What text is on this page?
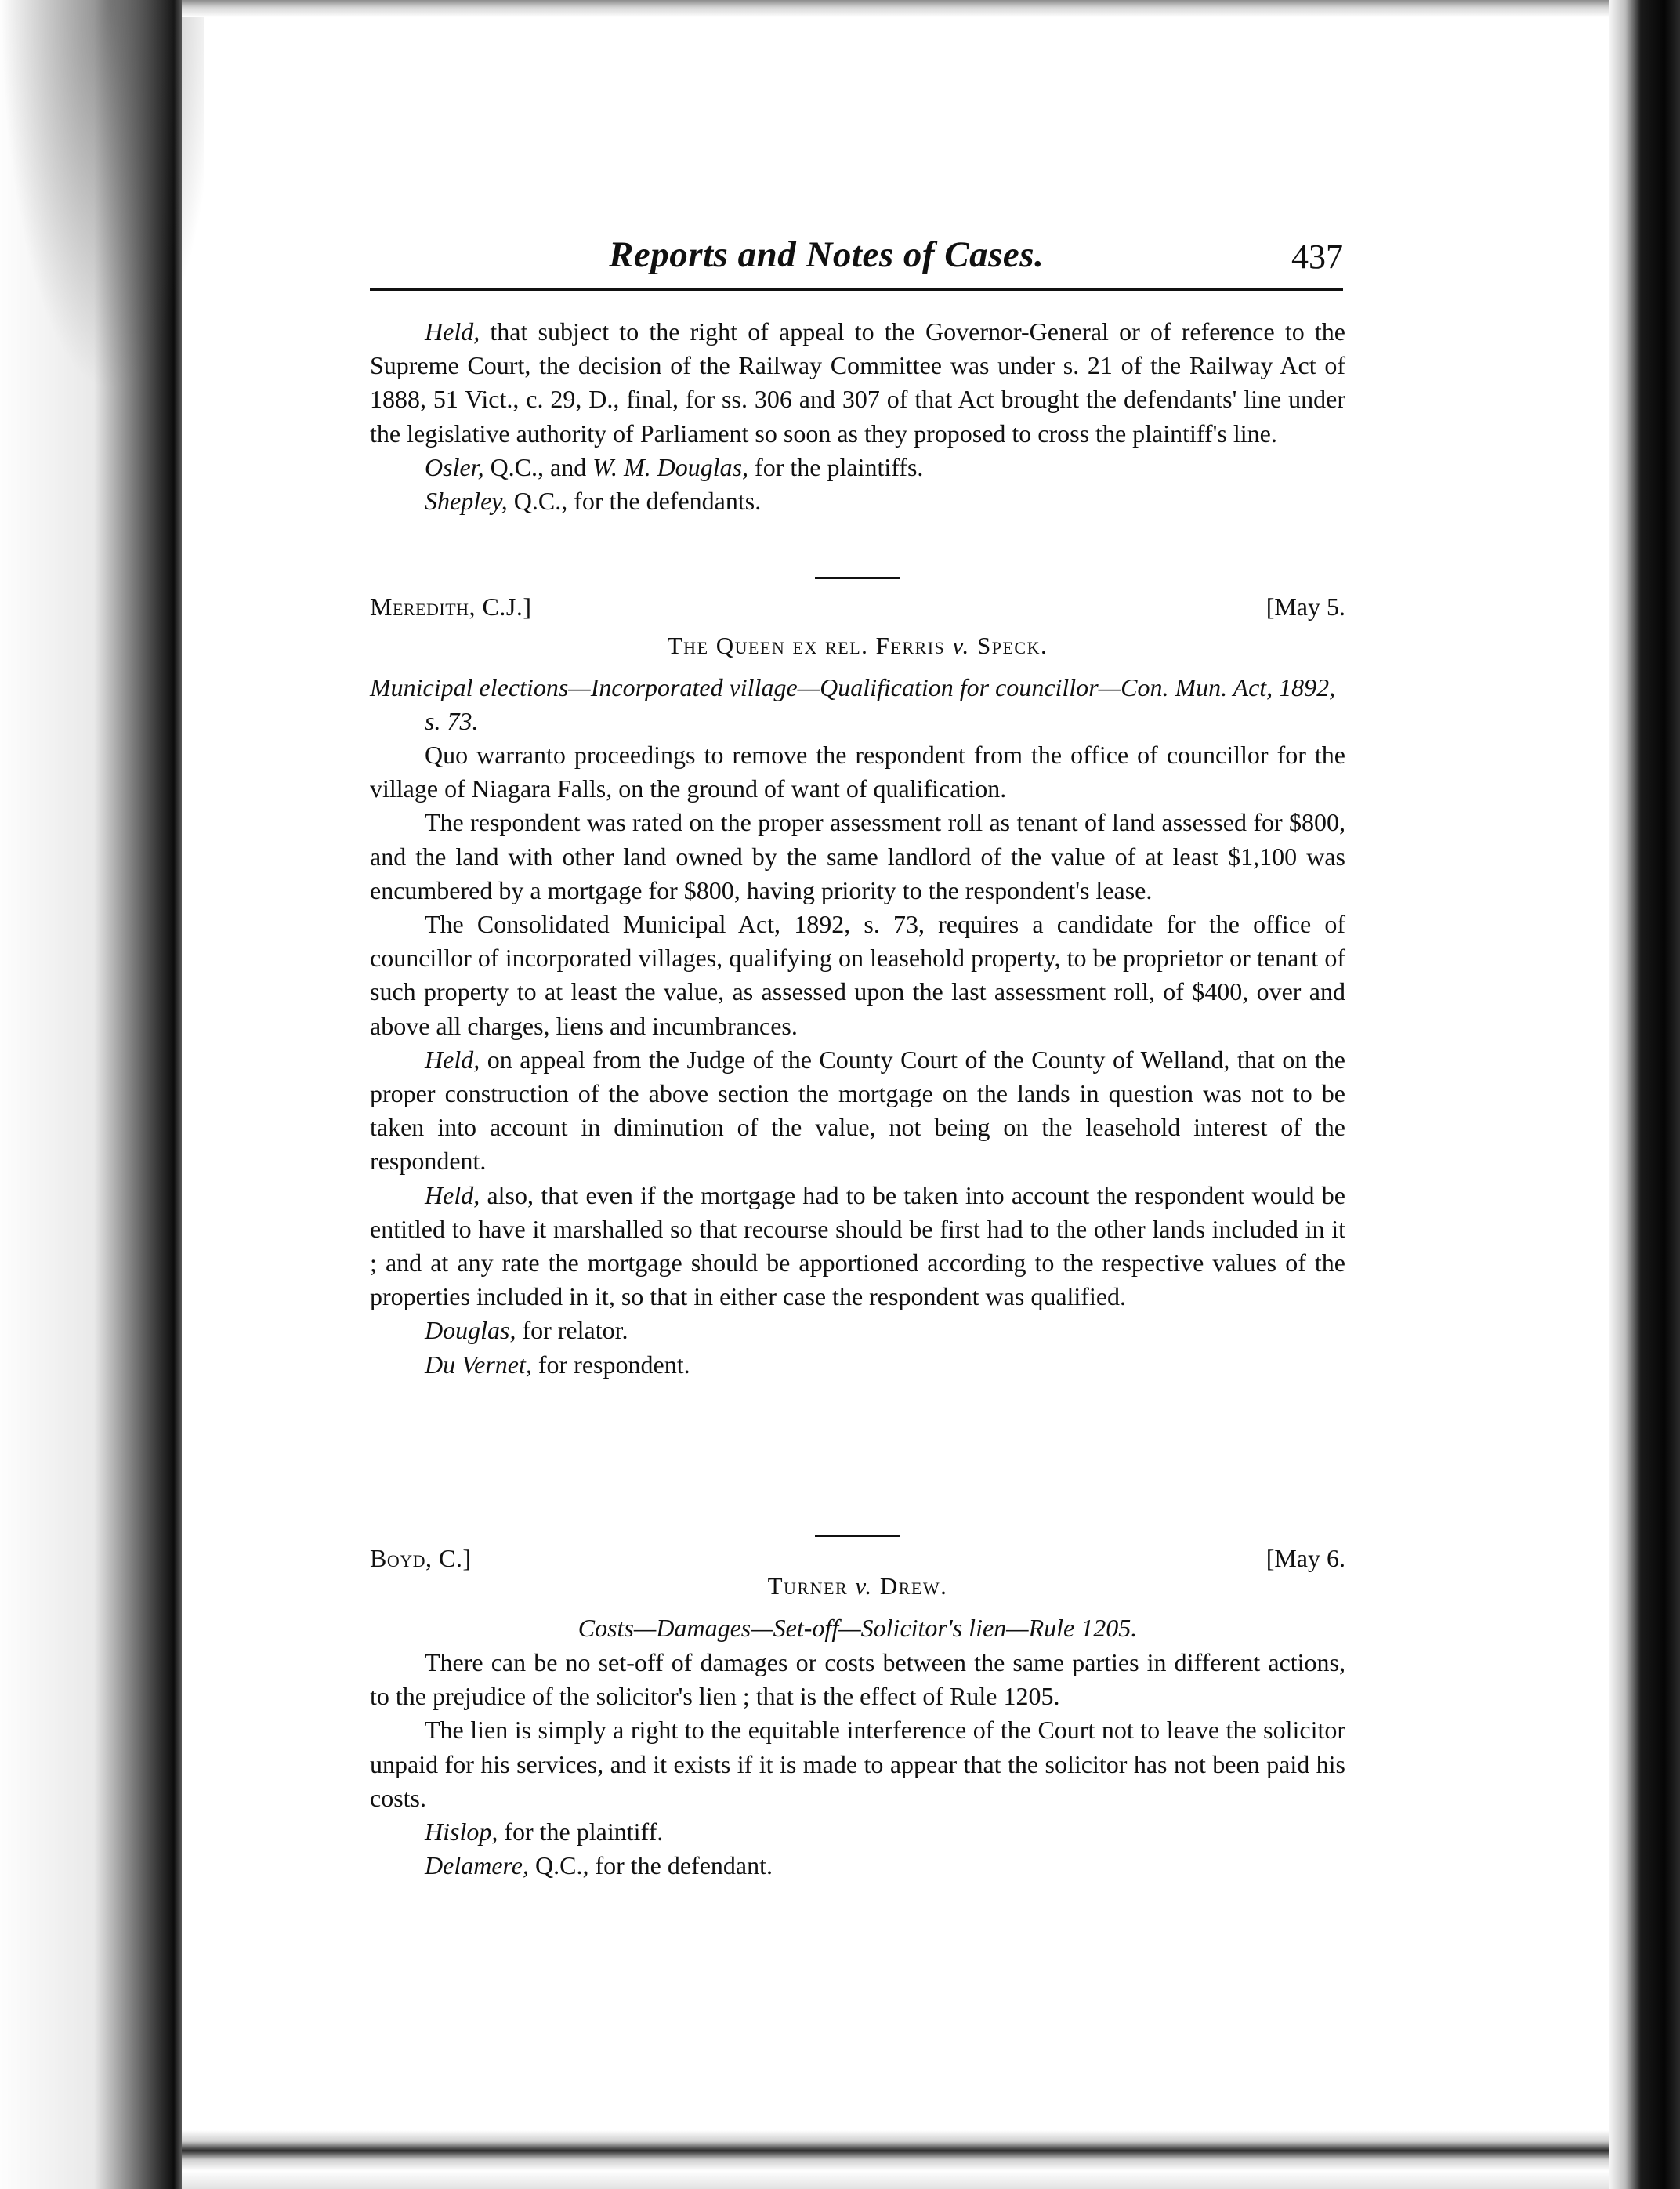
Reports and Notes of Cases.	437

Held, that subject to the right of appeal to the Governor-General or of reference to the Supreme Court, the decision of the Railway Committee was under s. 21 of the Railway Act of 1888, 51 Vict., c. 29, D., final, for ss. 306 and 307 of that Act brought the defendants' line under the legislative authority of Parliament so soon as they proposed to cross the plaintiff's line.

Osler, Q.C., and W. M. Douglas, for the plaintiffs.

Shepley, Q.C., for the defendants.

Meredith, C.J.]	[May 5.
The Queen ex rel. Ferris v. Speck.

Municipal elections—Incorporated village—Qualification for councillor—Con. Mun. Act, 1892, s. 73.

Quo warranto proceedings to remove the respondent from the office of councillor for the village of Niagara Falls, on the ground of want of qualification.

The respondent was rated on the proper assessment roll as tenant of land assessed for $800, and the land with other land owned by the same landlord of the value of at least $1,100 was encumbered by a mortgage for $800, having priority to the respondent's lease.

The Consolidated Municipal Act, 1892, s. 73, requires a candidate for the office of councillor of incorporated villages, qualifying on leasehold property, to be proprietor or tenant of such property to at least the value, as assessed upon the last assessment roll, of $400, over and above all charges, liens and incumbrances.

Held, on appeal from the Judge of the County Court of the County of Welland, that on the proper construction of the above section the mortgage on the lands in question was not to be taken into account in diminution of the value, not being on the leasehold interest of the respondent.

Held, also, that even if the mortgage had to be taken into account the respondent would be entitled to have it marshalled so that recourse should be first had to the other lands included in it ; and at any rate the mortgage should be apportioned according to the respective values of the properties included in it, so that in either case the respondent was qualified.

Douglas, for relator.

Du Vernet, for respondent.

Boyd, C.]	[May 6.
Turner v. Drew.

Costs—Damages—Set-off—Solicitor's lien—Rule 1205.

There can be no set-off of damages or costs between the same parties in different actions, to the prejudice of the solicitor's lien ; that is the effect of Rule 1205.

The lien is simply a right to the equitable interference of the Court not to leave the solicitor unpaid for his services, and it exists if it is made to appear that the solicitor has not been paid his costs.

Hislop, for the plaintiff.

Delamere, Q.C., for the defendant.
